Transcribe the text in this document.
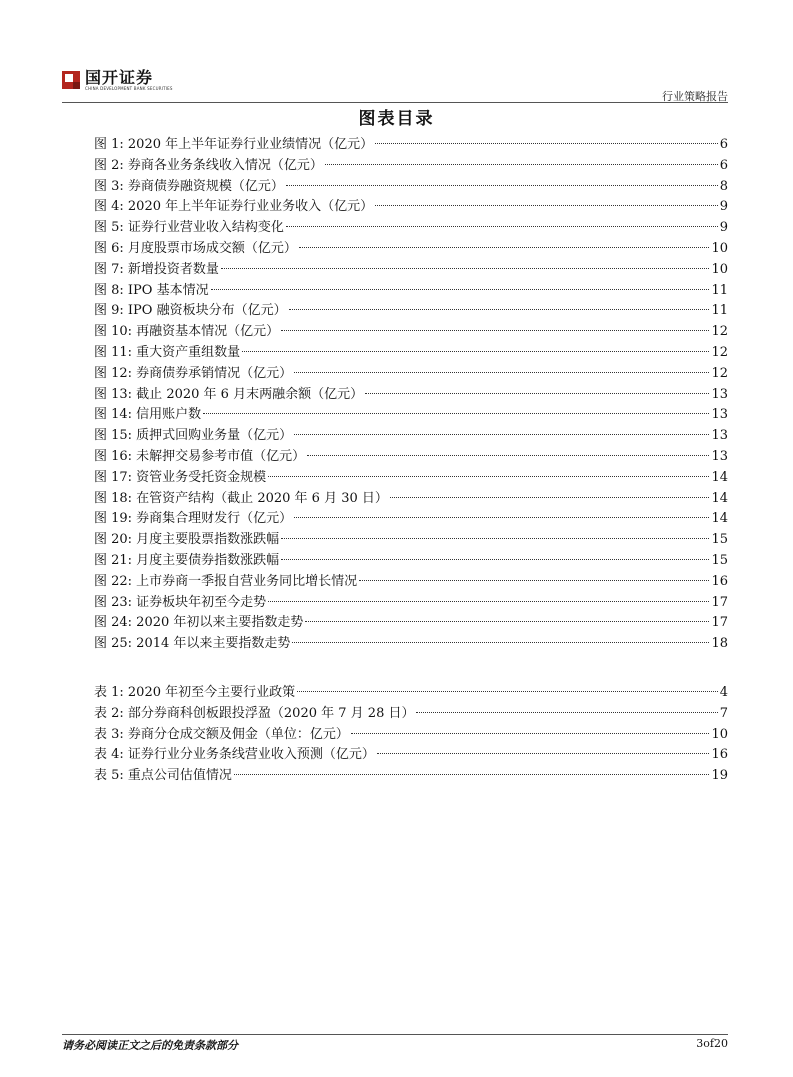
国开证券
CHINA DEVELOPMENT BANK SECURITIES
行业策略报告
图表目录
图 1: 2020 年上半年证券行业业绩情况（亿元）	6
图 2: 券商各业务条线收入情况（亿元）	6
图 3: 券商债券融资规模（亿元）	8
图 4: 2020 年上半年证券行业业务收入（亿元）	9
图 5: 证券行业营业收入结构变化	9
图 6: 月度股票市场成交额（亿元）	10
图 7: 新增投资者数量	10
图 8: IPO 基本情况	11
图 9: IPO 融资板块分布（亿元）	11
图 10: 再融资基本情况（亿元）	12
图 11: 重大资产重组数量	12
图 12: 券商债券承销情况（亿元）	12
图 13: 截止 2020 年 6 月末两融余额（亿元）	13
图 14: 信用账户数	13
图 15: 质押式回购业务量（亿元）	13
图 16: 未解押交易参考市值（亿元）	13
图 17: 资管业务受托资金规模	14
图 18: 在管资产结构（截止 2020 年 6 月 30 日）	14
图 19: 券商集合理财发行（亿元）	14
图 20: 月度主要股票指数涨跌幅	15
图 21: 月度主要债券指数涨跌幅	15
图 22: 上市券商一季报自营业务同比增长情况	16
图 23: 证券板块年初至今走势	17
图 24: 2020 年初以来主要指数走势	17
图 25: 2014 年以来主要指数走势	18
表 1: 2020 年初至今主要行业政策	4
表 2: 部分券商科创板跟投浮盈（2020 年 7 月 28 日）	7
表 3: 券商分仓成交额及佣金（单位：亿元）	10
表 4: 证券行业分业务条线营业收入预测（亿元）	16
表 5: 重点公司估值情况	19
请务必阅读正文之后的免责条款部分	3of20
